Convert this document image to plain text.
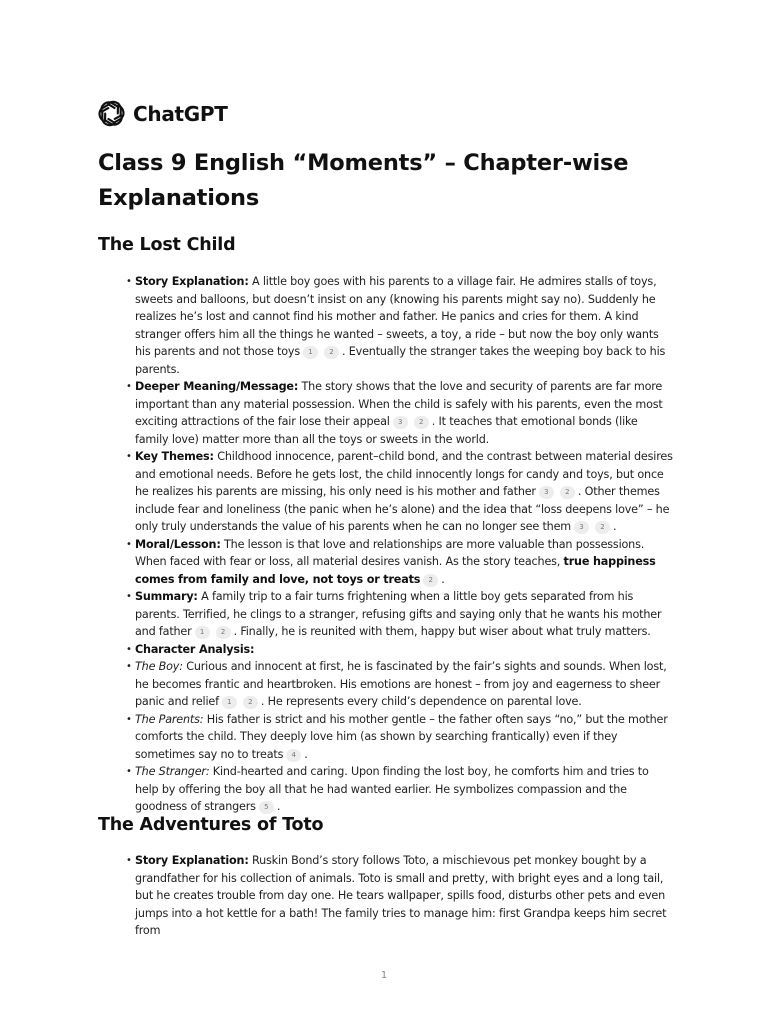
ChatGPT
Class 9 English “Moments” – Chapter-wise Explanations
The Lost Child
• Story Explanation: A little boy goes with his parents to a village fair. He admires stalls of toys, sweets and balloons, but doesn’t insist on any (knowing his parents might say no). Suddenly he realizes he’s lost and cannot find his mother and father. He panics and cries for them. A kind stranger offers him all the things he wanted – sweets, a toy, a ride – but now the boy only wants his parents and not those toys 1 2 . Eventually the stranger takes the weeping boy back to his parents.
• Deeper Meaning/Message: The story shows that the love and security of parents are far more important than any material possession. When the child is safely with his parents, even the most exciting attractions of the fair lose their appeal 3 2 . It teaches that emotional bonds (like family love) matter more than all the toys or sweets in the world.
• Key Themes: Childhood innocence, parent–child bond, and the contrast between material desires and emotional needs. Before he gets lost, the child innocently longs for candy and toys, but once he realizes his parents are missing, his only need is his mother and father 3 2 . Other themes include fear and loneliness (the panic when he’s alone) and the idea that “loss deepens love” – he only truly understands the value of his parents when he can no longer see them 3 2 .
• Moral/Lesson: The lesson is that love and relationships are more valuable than possessions. When faced with fear or loss, all material desires vanish. As the story teaches, true happiness comes from family and love, not toys or treats 2 .
• Summary: A family trip to a fair turns frightening when a little boy gets separated from his parents. Terrified, he clings to a stranger, refusing gifts and saying only that he wants his mother and father 1 2 . Finally, he is reunited with them, happy but wiser about what truly matters.
• Character Analysis:
• The Boy: Curious and innocent at first, he is fascinated by the fair’s sights and sounds. When lost, he becomes frantic and heartbroken. His emotions are honest – from joy and eagerness to sheer panic and relief 1 2 . He represents every child’s dependence on parental love.
• The Parents: His father is strict and his mother gentle – the father often says “no,” but the mother comforts the child. They deeply love him (as shown by searching frantically) even if they sometimes say no to treats 4 .
• The Stranger: Kind-hearted and caring. Upon finding the lost boy, he comforts him and tries to help by offering the boy all that he had wanted earlier. He symbolizes compassion and the goodness of strangers 5 .
The Adventures of Toto
• Story Explanation: Ruskin Bond’s story follows Toto, a mischievous pet monkey bought by a grandfather for his collection of animals. Toto is small and pretty, with bright eyes and a long tail, but he creates trouble from day one. He tears wallpaper, spills food, disturbs other pets and even jumps into a hot kettle for a bath! The family tries to manage him: first Grandpa keeps him secret from
1
